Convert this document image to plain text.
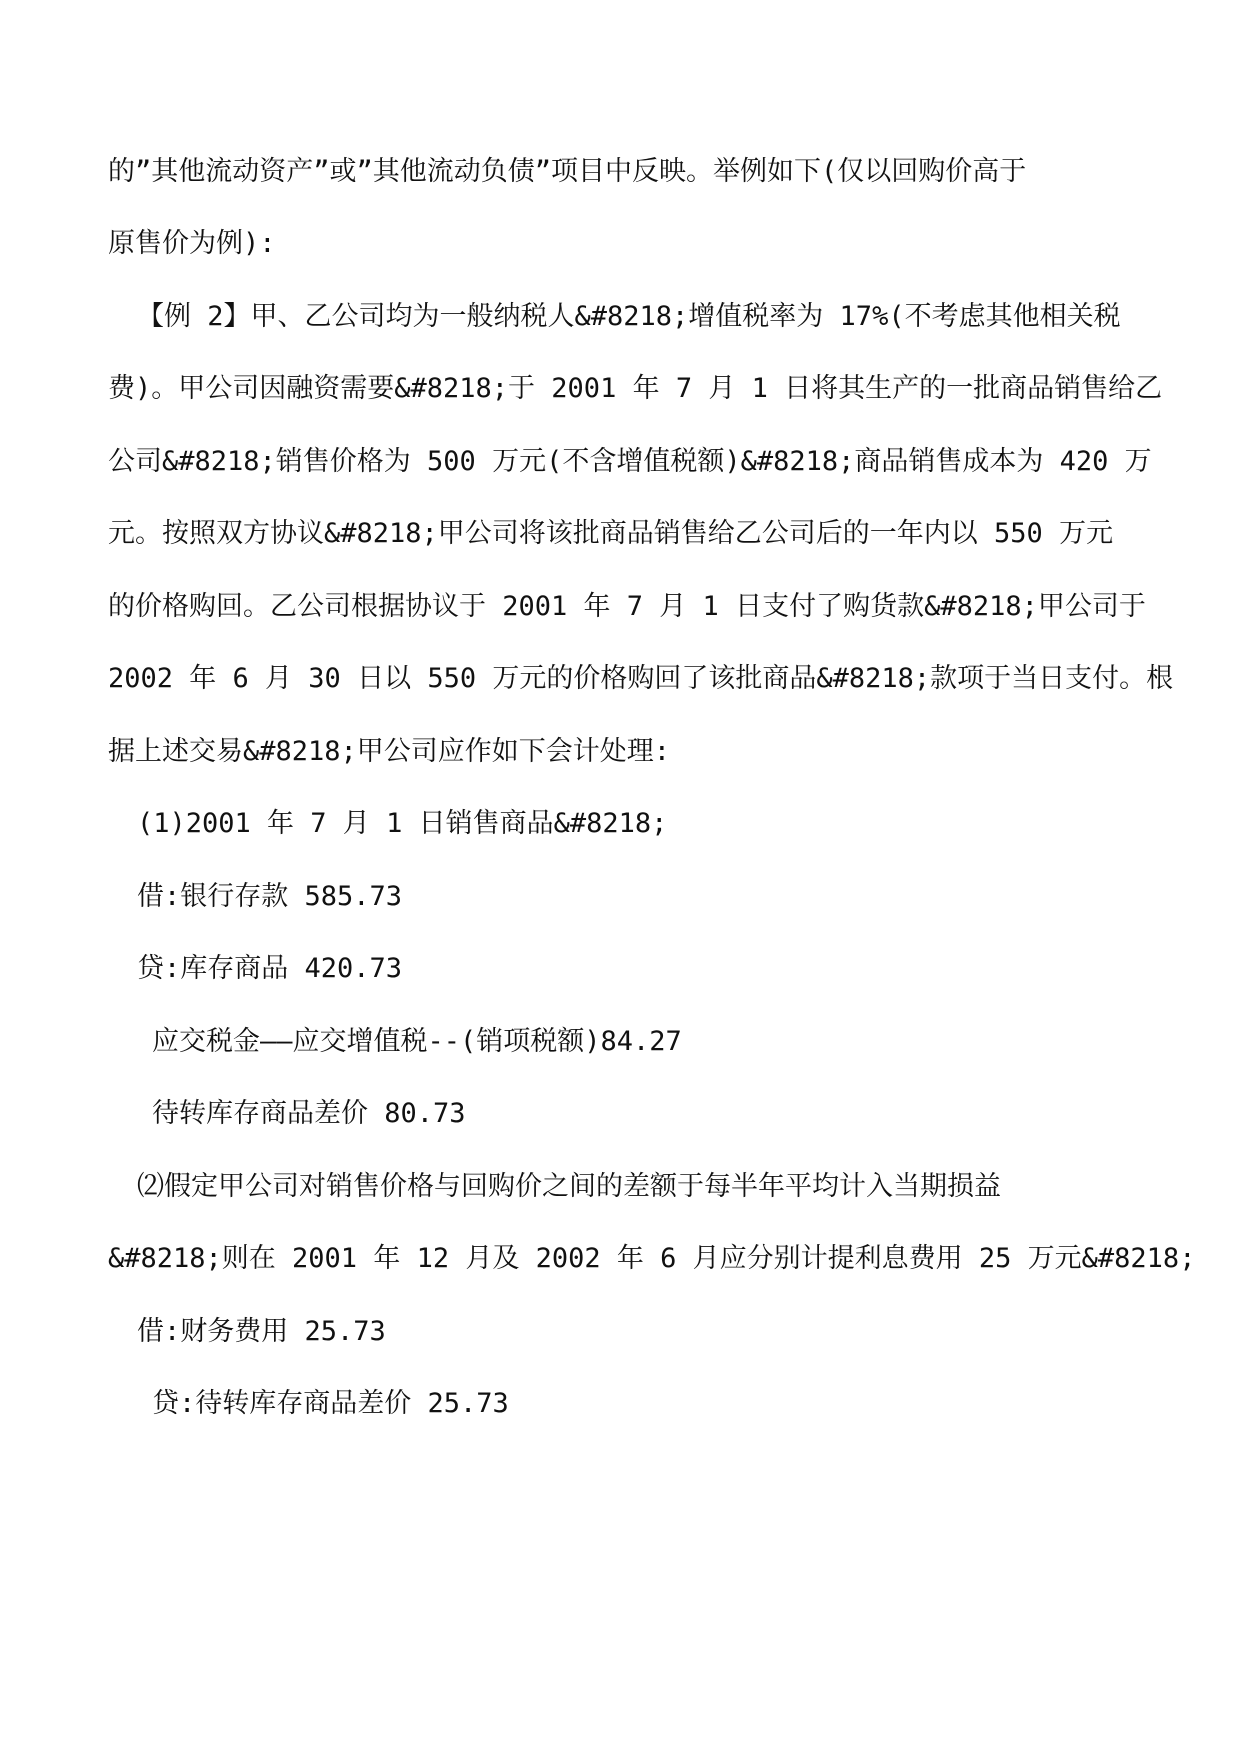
的”其他流动资产”或”其他流动负债”项目中反映。举例如下(仅以回购价高于
原售价为例):
【例 2】甲、乙公司均为一般纳税人&#8218;增值税率为 17%(不考虑其他相关税
费)。甲公司因融资需要&#8218;于 2001 年 7 月 1 日将其生产的一批商品销售给乙
公司&#8218;销售价格为 500 万元(不含增值税额)&#8218;商品销售成本为 420 万
元。按照双方协议&#8218;甲公司将该批商品销售给乙公司后的一年内以 550 万元
的价格购回。乙公司根据协议于 2001 年 7 月 1 日支付了购货款&#8218;甲公司于
2002 年 6 月 30 日以 550 万元的价格购回了该批商品&#8218;款项于当日支付。根
据上述交易&#8218;甲公司应作如下会计处理:
(1)2001 年 7 月 1 日销售商品&#8218;
借:银行存款 585.73
贷:库存商品 420.73
应交税金——应交增值税--(销项税额)84.27
待转库存商品差价 80.73
⑵假定甲公司对销售价格与回购价之间的差额于每半年平均计入当期损益
&#8218;则在 2001 年 12 月及 2002 年 6 月应分别计提利息费用 25 万元&#8218;
借:财务费用 25.73
贷:待转库存商品差价 25.73
